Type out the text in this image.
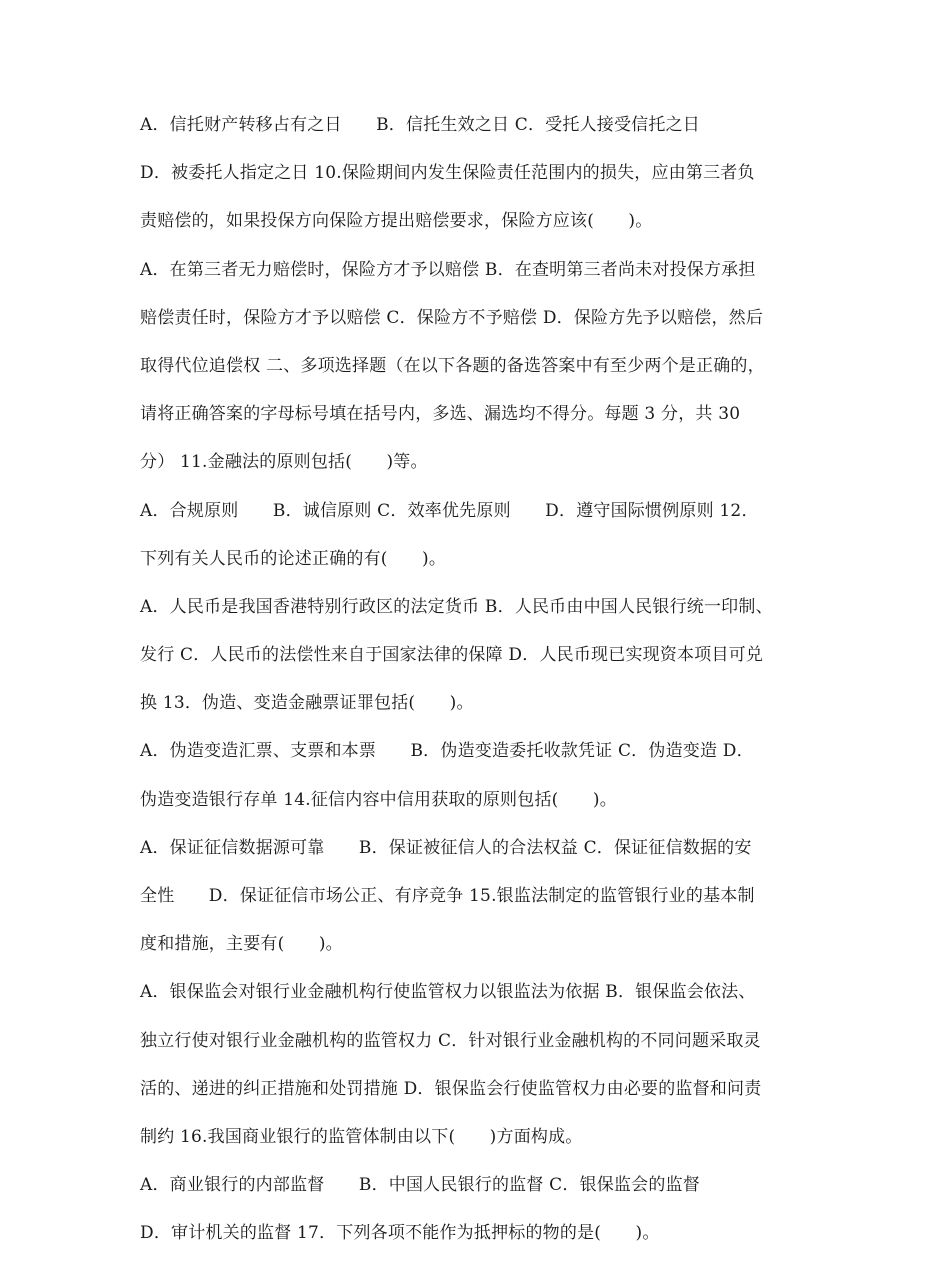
A．信托财产转移占有之日　　B．信托生效之日 C．受托人接受信托之日
D．被委托人指定之日 10.保险期间内发生保险责任范围内的损失，应由第三者负
责赔偿的，如果投保方向保险方提出赔偿要求，保险方应该(　　)。
A．在第三者无力赔偿时，保险方才予以赔偿 B．在查明第三者尚未对投保方承担
赔偿责任时，保险方才予以赔偿 C．保险方不予赔偿 D．保险方先予以赔偿，然后
取得代位追偿权 二、多项选择题（在以下各题的备选答案中有至少两个是正确的，
请将正确答案的字母标号填在括号内，多选、漏选均不得分。每题 3 分，共 30
分） 11.金融法的原则包括(　　)等。
A．合规原则　　B．诚信原则 C．效率优先原则　　D．遵守国际惯例原则 12．
下列有关人民币的论述正确的有(　　)。
A．人民币是我国香港特别行政区的法定货币 B．人民币由中国人民银行统一印制、
发行 C．人民币的法偿性来自于国家法律的保障 D．人民币现已实现资本项目可兑
换 13．伪造、变造金融票证罪包括(　　)。
A．伪造变造汇票、支票和本票　　B．伪造变造委托收款凭证 C．伪造变造 D．
伪造变造银行存单 14.征信内容中信用获取的原则包括(　　)。
A．保证征信数据源可靠　　B．保证被征信人的合法权益 C．保证征信数据的安
全性　　D．保证征信市场公正、有序竞争 15.银监法制定的监管银行业的基本制
度和措施，主要有(　　)。
A．银保监会对银行业金融机构行使监管权力以银监法为依据 B．银保监会依法、
独立行使对银行业金融机构的监管权力 C．针对银行业金融机构的不同问题采取灵
活的、递进的纠正措施和处罚措施 D．银保监会行使监管权力由必要的监督和问责
制约 16.我国商业银行的监管体制由以下(　　)方面构成。
A．商业银行的内部监督　　B．中国人民银行的监督 C．银保监会的监督
D．审计机关的监督 17．下列各项不能作为抵押标的物的是(　　)。
